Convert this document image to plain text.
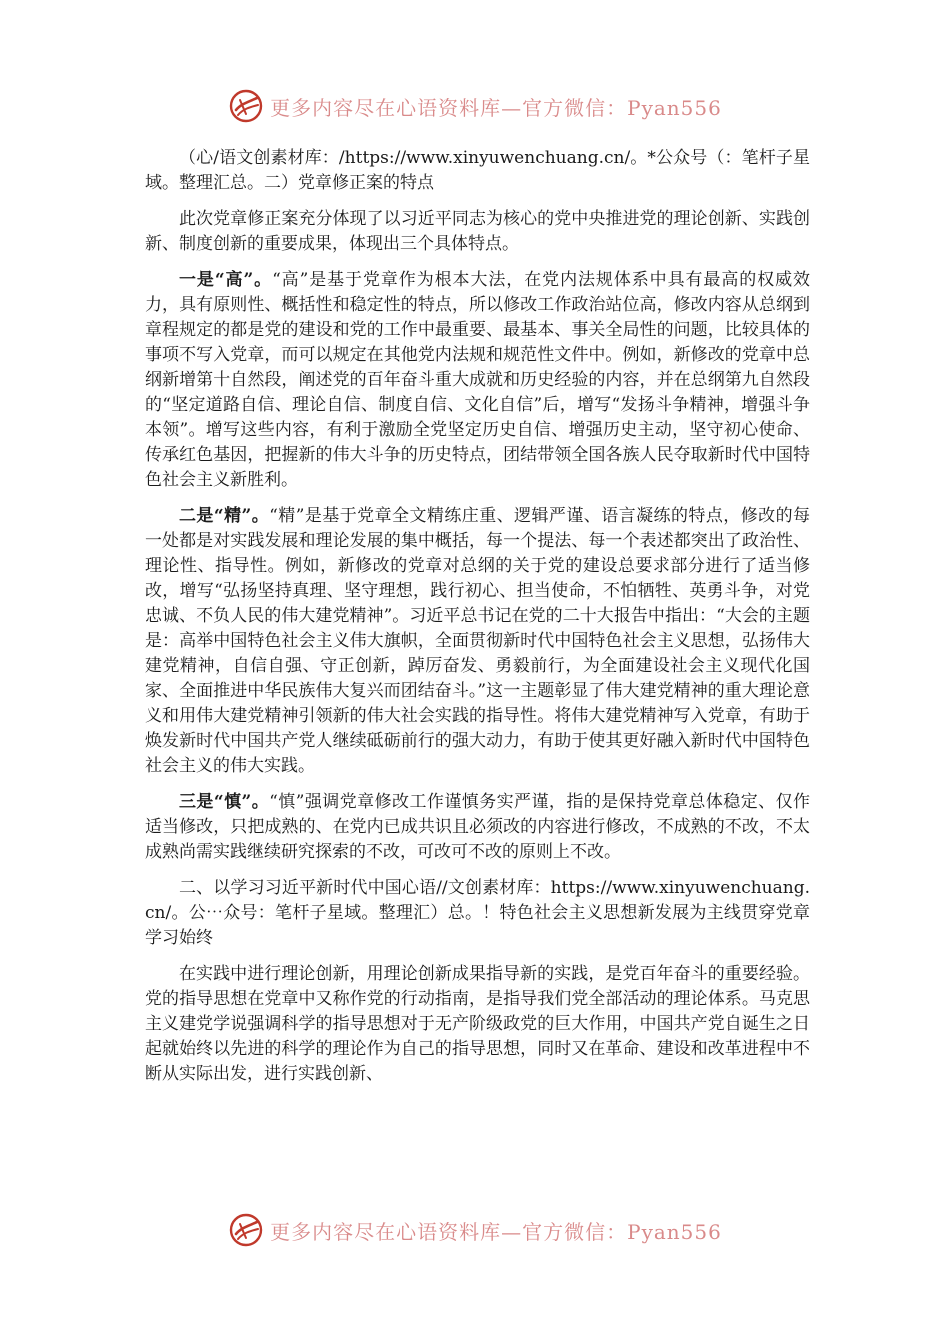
更多内容尽在心语资料库—官方微信：Pyan556

（心/语文创素材库：/https://www.xinyuwenchuang.cn/。*公众号（：笔杆子星域。整理汇总。二）党章修正案的特点

此次党章修正案充分体现了以习近平同志为核心的党中央推进党的理论创新、实践创新、制度创新的重要成果，体现出三个具体特点。

一是“高”。“高”是基于党章作为根本大法，在党内法规体系中具有最高的权威效力，具有原则性、概括性和稳定性的特点，所以修改工作政治站位高，修改内容从总纲到章程规定的都是党的建设和党的工作中最重要、最基本、事关全局性的问题，比较具体的事项不写入党章，而可以规定在其他党内法规和规范性文件中。例如，新修改的党章中总纲新增第十自然段，阐述党的百年奋斗重大成就和历史经验的内容，并在总纲第九自然段的“坚定道路自信、理论自信、制度自信、文化自信”后，增写“发扬斗争精神，增强斗争本领”。增写这些内容，有利于激励全党坚定历史自信、增强历史主动，坚守初心使命、传承红色基因，把握新的伟大斗争的历史特点，团结带领全国各族人民夺取新时代中国特色社会主义新胜利。

二是“精”。“精”是基于党章全文精练庄重、逻辑严谨、语言凝练的特点，修改的每一处都是对实践发展和理论发展的集中概括，每一个提法、每一个表述都突出了政治性、理论性、指导性。例如，新修改的党章对总纲的关于党的建设总要求部分进行了适当修改，增写“弘扬坚持真理、坚守理想，践行初心、担当使命，不怕牺牲、英勇斗争，对党忠诚、不负人民的伟大建党精神”。习近平总书记在党的二十大报告中指出：“大会的主题是：高举中国特色社会主义伟大旗帜，全面贯彻新时代中国特色社会主义思想，弘扬伟大建党精神，自信自强、守正创新，踔厉奋发、勇毅前行，为全面建设社会主义现代化国家、全面推进中华民族伟大复兴而团结奋斗。”这一主题彰显了伟大建党精神的重大理论意义和用伟大建党精神引领新的伟大社会实践的指导性。将伟大建党精神写入党章，有助于焕发新时代中国共产党人继续砥砺前行的强大动力，有助于使其更好融入新时代中国特色社会主义的伟大实践。

三是“慎”。“慎”强调党章修改工作谨慎务实严谨，指的是保持党章总体稳定、仅作适当修改，只把成熟的、在党内已成共识且必须改的内容进行修改，不成熟的不改，不太成熟尚需实践继续研究探索的不改，可改可不改的原则上不改。

二、以学习习近平新时代中国心语//文创素材库：https://www.xinyuwenchuang.cn/。公⋯众号：笔杆子星域。整理汇）总。！特色社会主义思想新发展为主线贯穿党章学习始终

在实践中进行理论创新，用理论创新成果指导新的实践，是党百年奋斗的重要经验。党的指导思想在党章中又称作党的行动指南，是指导我们党全部活动的理论体系。马克思主义建党学说强调科学的指导思想对于无产阶级政党的巨大作用，中国共产党自诞生之日起就始终以先进的科学的理论作为自己的指导思想，同时又在革命、建设和改革进程中不断从实际出发，进行实践创新、

更多内容尽在心语资料库—官方微信：Pyan556
